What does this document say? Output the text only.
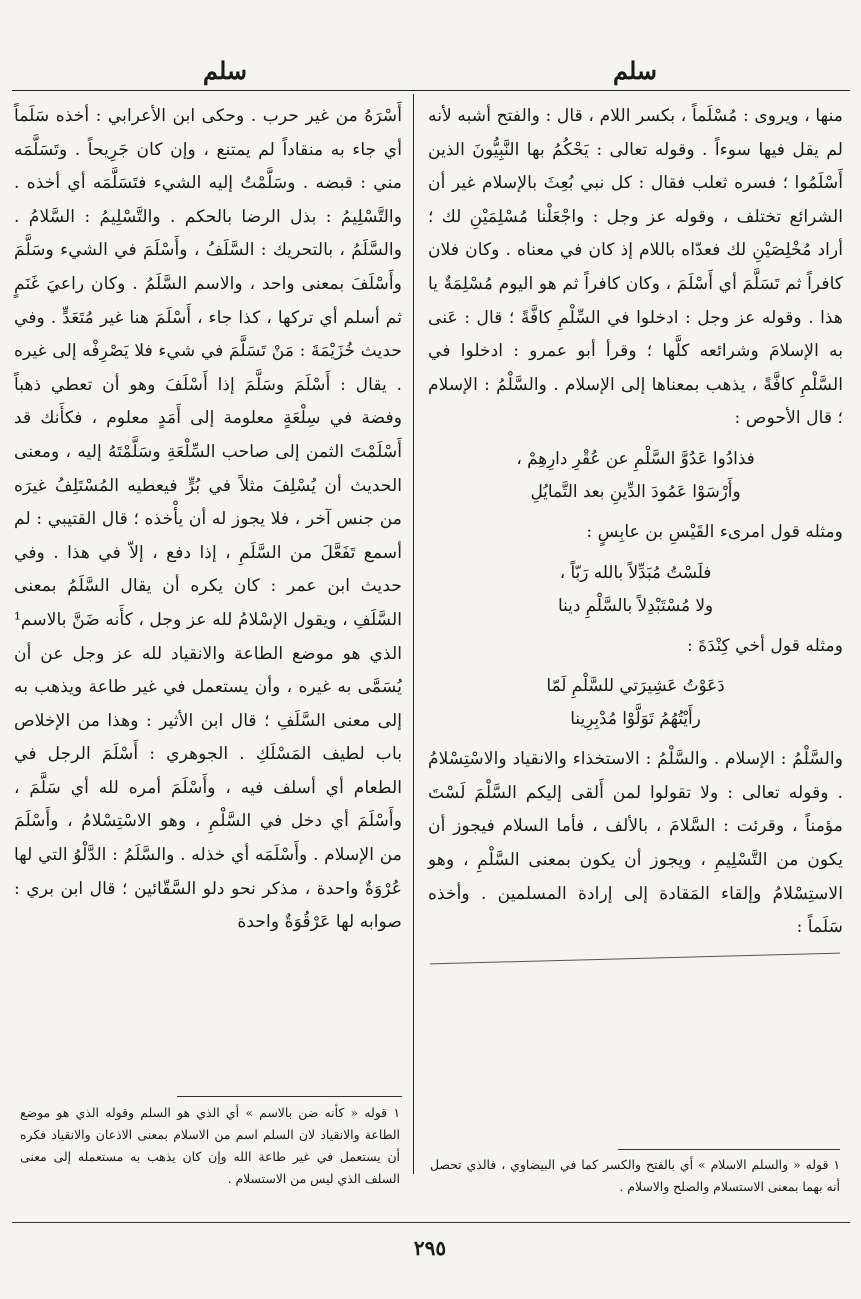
سلم
سلم

منها ، ويروى : مُسْلَماً ، بكسر اللام ، قال : والفتح أشبه لأنه لم يقل فيها سوءاً . وقوله تعالى : يَحْكُمُ بها النَّبِيُّونَ الذين أَسْلَمُوا ؛ فسره ثعلب فقال : كل نبي بُعِثَ بالإسلام غير أن الشرائع تختلف ، وقوله عز وجل : واجْعَلْنا مُسْلِمَيْنِ لك ؛ أراد مُخْلِصَيْنِ لك فعدّاه باللام إذ كان في معناه . وكان فلان كافراً ثم تَسَلَّمَ أي أَسْلَمَ ، وكان كافراً ثم هو اليوم مُسْلِمَةٌ يا هذا . وقوله عز وجل : ادخلوا في السِّلْمِ كافَّةً ؛ قال : عَنى به الإسلامَ وشرائعه كلَّها ؛ وقرأ أبو عمرو : ادخلوا في السَّلْمِ كافَّةً ، يذهب بمعناها إلى الإسلام . والسَّلْمُ : الإسلام ؛ قال الأحوص :

فذادُوا عَدُوَّ السَّلْمِ عن عُقْرِ دارِهِمْ ،
وأَرْسَوْا عَمُودَ الدِّينِ بعد التَّمايُلِ

ومثله قول امرىء القَيْسِ بن عابِسٍ :

فلَسْتُ مُبَدِّلاً بالله رَبّاً ،
ولا مُسْتَبْدِلاً بالسَّلْمِ دينا

ومثله قول أخي كِنْدَةَ :

دَعَوْتُ عَشِيرَتي للسَّلْمِ لَمّا
رأَيْتُهُمُ تَوَلَّوْا مُدْبِرِينا

والسَّلْمُ : الإسلام . والسَّلْمُ : الاستخذاء والانقياد والاسْتِسْلامُ . وقوله تعالى : ولا تقولوا لمن أَلقى إليكم السَّلْمَ لَسْتَ مؤمناً ، وقرئت : السَّلامَ ، بالألف ، فأما السلام فيجوز أن يكون من التَّسْلِيمِ ، ويجوز أن يكون بمعنى السَّلْمِ ، وهو الاستِسْلامُ وإلقاء المَقادة إلى إرادة المسلمين . وأخذه سَلَماً :

أَسْرَهُ من غير حرب . وحكى ابن الأعرابي : أخذه سَلَماً أي جاء به منقاداً لم يمتنع ، وإن كان جَرِيحاً . وتَسَلَّمَه مني : قبضه . وسَلَّمْتُ إليه الشيء فتَسَلَّمَه أي أخذه . والتَّسْلِيمُ : بذل الرضا بالحكم . والتَّسْلِيمُ : السَّلامُ . والسَّلَمُ ، بالتحريك : السَّلَفُ ، وأَسْلَمَ في الشيء وسَلَّمَ وأَسْلَفَ بمعنى واحد ، والاسم السَّلَمُ . وكان راعيَ غَنَمٍ ثم أسلم أي تركها ، كذا جاء ، أَسْلَمَ هنا غير مُتَعَدٍّ . وفي حديث خُزَيْمَةَ : مَنْ تَسَلَّمَ في شيء فلا يَصْرِفْه إلى غيره . يقال : أَسْلَمَ وسَلَّمَ إذا أَسْلَفَ وهو أن تعطي ذهباً وفضة في سِلْعَةٍ معلومة إلى أَمَدٍ معلوم ، فكأَنك قد أَسْلَمْتَ الثمن إلى صاحب السِّلْعَةِ وسَلَّمْتَهُ إليه ، ومعنى الحديث أن يُسْلِفَ مثلاً في بُرٍّ فيعطيه المُسْتَلِفُ غيرَه من جنس آخر ، فلا يجوز له أن يأْخذه ؛ قال القتيبي : لم أسمع تَفَعَّلَ من السَّلَمِ ، إذا دفع ، إلاّ في هذا . وفي حديث ابن عمر : كان يكره أن يقال السَّلَمُ بمعنى السَّلَفِ ، ويقول الإسْلامُ لله عز وجل ، كأَنه ضَنَّ بالاسم¹ الذي هو موضع الطاعة والانقياد لله عز وجل عن أن يُسَمَّى به غيره ، وأن يستعمل في غير طاعة ويذهب به إلى معنى السَّلَفِ ؛ قال ابن الأثير : وهذا من الإخلاص باب لطيف المَسْلَكِ . الجوهري : أَسْلَمَ الرجل في الطعام أي أسلف فيه ، وأَسْلَمَ أمره لله أي سَلَّمَ ، وأَسْلَمَ أي دخل في السَّلْمِ ، وهو الاسْتِسْلامُ ، وأَسْلَمَ من الإسلام . وأَسْلَمَه أي خذله . والسَّلَمُ : الدَّلْوُ التي لها عُرْوَةٌ واحدة ، مذكر نحو دلو السَّقّائين ؛ قال ابن بري : صوابه لها عَرْقُوَةٌ واحدة

١ قوله « والسلم الاسلام » أي بالفتح والكسر كما في البيضاوي ، فالذي تحصل أنه بهما بمعنى الاستسلام والصلح والاسلام .
١ قوله « كأنه ضن بالاسم » أي الذي هو السلم وقوله الذي هو موضع الطاعة والانقياد لان السلم اسم من الاسلام بمعنى الاذعان والانقياد فكره أن يستعمل في غير طاعة الله وإن كان يذهب به مستعمله إلى معنى السلف الذي ليس من الاستسلام .
٢٩٥
